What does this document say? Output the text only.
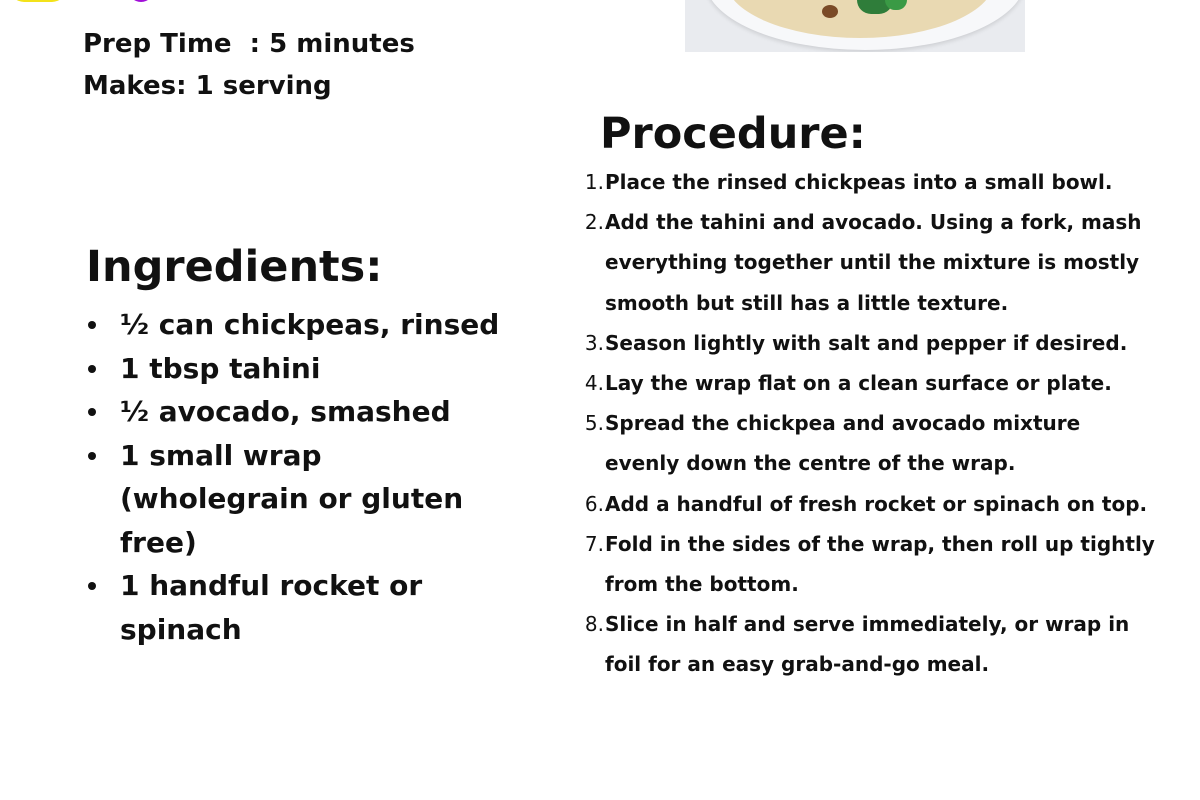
Prep Time  : 5 minutes
Makes: 1 serving
Ingredients:
½ can chickpeas, rinsed
1 tbsp tahini
½ avocado, smashed
1 small wrap (wholegrain or gluten free)
1 handful rocket or spinach
Procedure:
1. Place the rinsed chickpeas into a small bowl.
2. Add the tahini and avocado. Using a fork, mash everything together until the mixture is mostly smooth but still has a little texture.
3. Season lightly with salt and pepper if desired.
4. Lay the wrap flat on a clean surface or plate.
5. Spread the chickpea and avocado mixture evenly down the centre of the wrap.
6. Add a handful of fresh rocket or spinach on top.
7. Fold in the sides of the wrap, then roll up tightly from the bottom.
8. Slice in half and serve immediately, or wrap in foil for an easy grab-and-go meal.
